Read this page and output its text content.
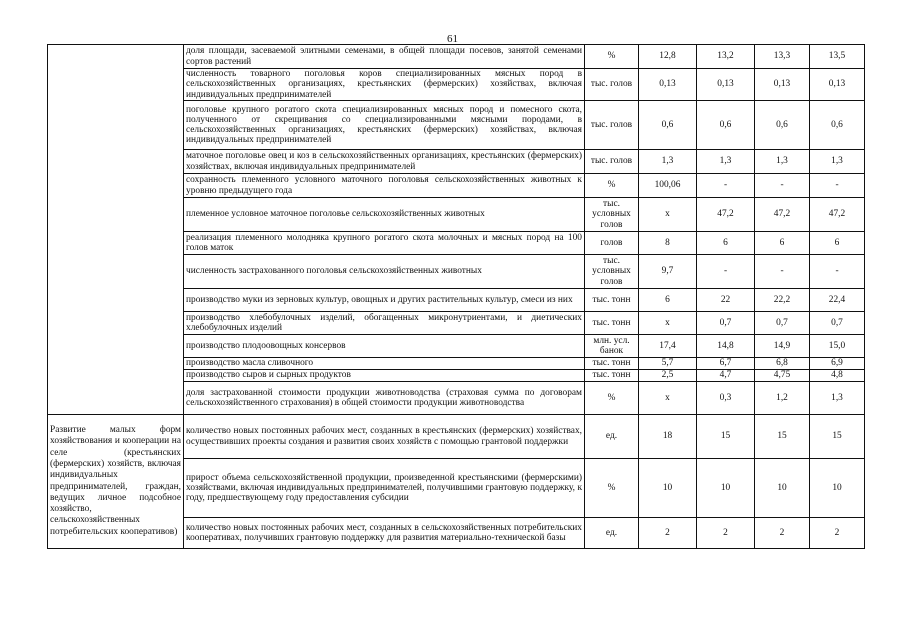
61
	доля площади, засеваемой элитными семенами, в общей площади посевов, занятой семенами сортов растений	%	12,8	13,2	13,3	13,5
	численность товарного поголовья коров специализированных мясных пород в сельскохозяйственных организациях, крестьянских (фермерских) хозяйствах, включая индивидуальных предпринимателей	тыс. голов	0,13	0,13	0,13	0,13
	поголовье крупного рогатого скота специализированных мясных пород и помесного скота, полученного от скрещивания со специализированными мясными породами, в сельскохозяйственных организациях, крестьянских (фермерских) хозяйствах, включая индивидуальных предпринимателей	тыс. голов	0,6	0,6	0,6	0,6
	маточное поголовье овец и коз в сельскохозяйственных организациях, крестьянских (фермерских) хозяйствах, включая индивидуальных предпринимателей	тыс. голов	1,3	1,3	1,3	1,3
	сохранность племенного условного маточного поголовья сельскохозяйственных животных к уровню предыдущего года	%	100,06	-	-	-
	племенное условное маточное поголовье сельскохозяйственных животных	тыс. условных голов	х	47,2	47,2	47,2
	реализация племенного молодняка крупного рогатого скота молочных и мясных пород на 100 голов маток	голов	8	6	6	6
	численность застрахованного поголовья сельскохозяйственных животных	тыс. условных голов	9,7	-	-	-
	производство муки из зерновых культур, овощных и других растительных культур, смеси из них	тыс. тонн	6	22	22,2	22,4
	производство хлебобулочных изделий, обогащенных микронутриентами, и диетических хлебобулочных изделий	тыс. тонн	х	0,7	0,7	0,7
	производство плодоовощных консервов	млн. усл. банок	17,4	14,8	14,9	15,0
	производство масла сливочного	тыс. тонн	5,7	6,7	6,8	6,9
	производство сыров и сырных продуктов	тыс. тонн	2,5	4,7	4,75	4,8
	доля застрахованной стоимости продукции животноводства (страховая сумма по договорам сельскохозяйственного страхования) в общей стоимости продукции животноводства	%	х	0,3	1,2	1,3
Развитие малых форм хозяйствования и кооперации на селе (крестьянских (фермерских) хозяйств, включая индивидуальных предпринимателей, граждан, ведущих личное подсобное хозяйство, сельскохозяйственных потребительских кооперативов)	количество новых постоянных рабочих мест, созданных в крестьянских (фермерских) хозяйствах, осуществивших проекты создания и развития своих хозяйств с помощью грантовой поддержки	ед.	18	15	15	15
	прирост объема сельскохозяйственной продукции, произведенной крестьянскими (фермерскими) хозяйствами, включая индивидуальных предпринимателей, получившими грантовую поддержку, к году, предшествующему году предоставления субсидии	%	10	10	10	10
	количество новых постоянных рабочих мест, созданных в сельскохозяйственных потребительских кооперативах, получивших грантовую поддержку для развития материально-технической базы	ед.	2	2	2	2
